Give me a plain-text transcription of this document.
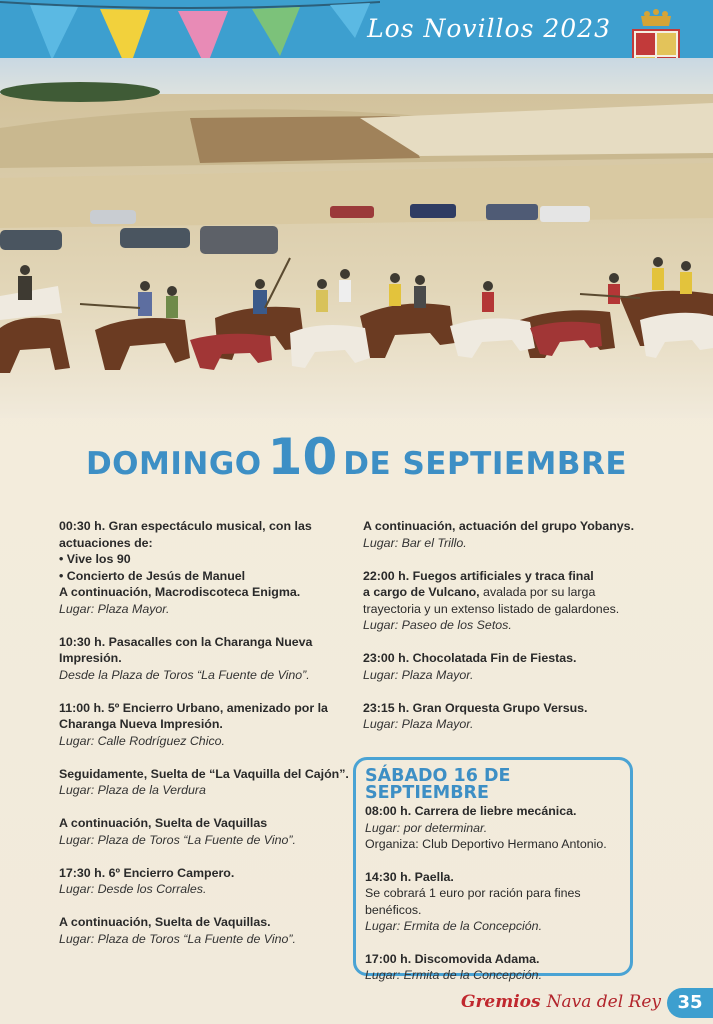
Los Novillos 2023
DOMINGO 10 DE SEPTIEMBRE
00:30 h. Gran espectáculo musical, con las actuaciones de:
• Vive los 90
• Concierto de Jesús de Manuel
A continuación, Macrodiscoteca Enigma.
Lugar: Plaza Mayor.
10:30 h. Pasacalles con la Charanga Nueva Impresión.
Desde la Plaza de Toros “La Fuente de Vino”.
11:00 h. 5º Encierro Urbano, amenizado por la Charanga Nueva Impresión.
Lugar: Calle Rodríguez Chico.
Seguidamente, Suelta de “La Vaquilla del Cajón”.
Lugar: Plaza de la Verdura
A continuación, Suelta de Vaquillas
Lugar: Plaza de Toros “La Fuente de Vino”.
17:30 h. 6º Encierro Campero.
Lugar: Desde los Corrales.
A continuación, Suelta de Vaquillas.
Lugar: Plaza de Toros “La Fuente de Vino”.
A continuación, actuación del grupo Yobanys.
Lugar: Bar el Trillo.
22:00 h. Fuegos artificiales y traca final
a cargo de Vulcano, avalada por su larga trayectoria y un extenso listado de galardones.
Lugar: Paseo de los Setos.
23:00 h. Chocolatada Fin de Fiestas.
Lugar: Plaza Mayor.
23:15 h. Gran Orquesta Grupo Versus.
Lugar: Plaza Mayor.
SÁBADO 16 DE SEPTIEMBRE
08:00 h. Carrera de liebre mecánica.
Lugar: por determinar.
Organiza: Club Deportivo Hermano Antonio.
14:30 h. Paella.
Se cobrará 1 euro por ración para fines benéficos.
Lugar: Ermita de la Concepción.
17:00 h. Discomovida Adama.
Lugar: Ermita de la Concepción.
Gremios Nava del Rey 35
